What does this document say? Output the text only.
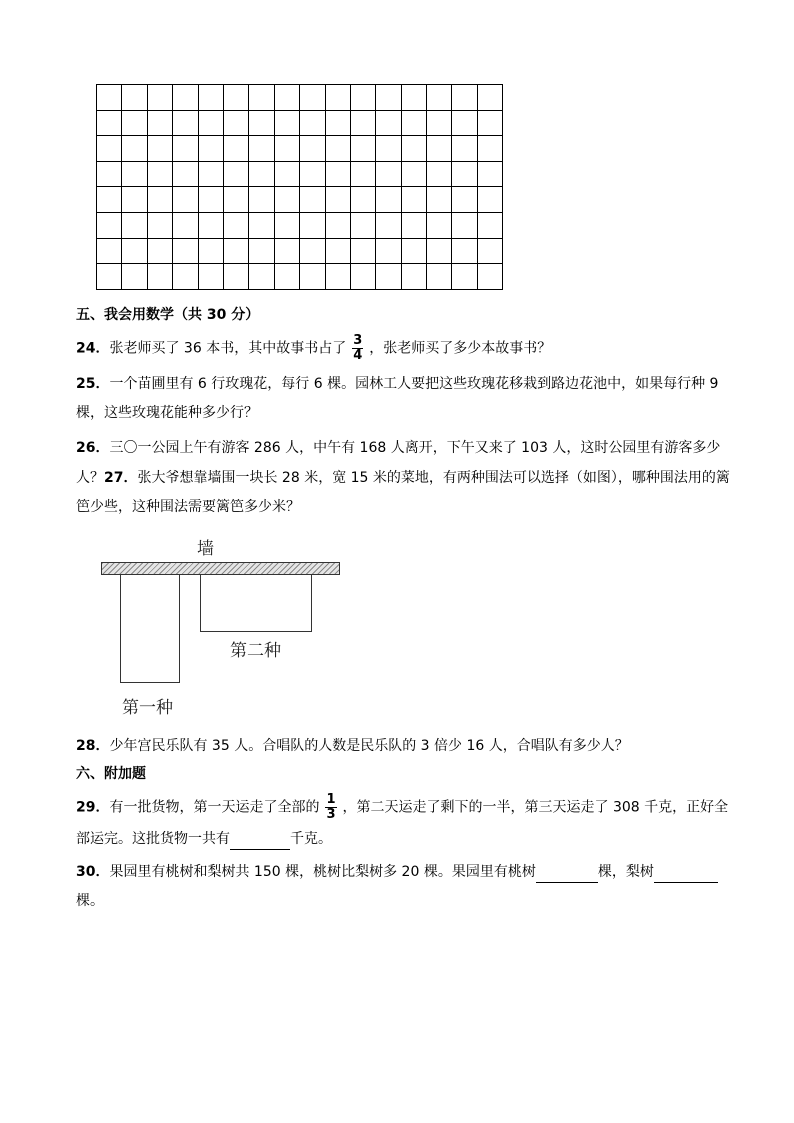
五、我会用数学（共 30 分）
24．张老师买了 36 本书，其中故事书占了 $\frac{3}{4}$ ，张老师买了多少本故事书？
25．一个苗圃里有 6 行玫瑰花，每行 6 棵。园林工人要把这些玫瑰花移栽到路边花池中，如果每行种 9
棵，这些玫瑰花能种多少行？
26．三〇一公园上午有游客 286 人，中午有 168 人离开，下午又来了 103 人，这时公园里有游客多少
人？27．张大爷想靠墙围一块长 28 米，宽 15 米的菜地，有两种围法可以选择（如图），哪种围法用的篱
笆少些，这种围法需要篱笆多少米？
墙
第二种
第一种
28．少年宫民乐队有 35 人。合唱队的人数是民乐队的 3 倍少 16 人，合唱队有多少人？
六、附加题
29．有一批货物，第一天运走了全部的 $\frac{1}{3}$ ，第二天运走了剩下的一半，第三天运走了 308 千克，正好全
部运完。这批货物一共有	千克。
30．果园里有桃树和梨树共 150 棵，桃树比梨树多 20 棵。果园里有桃树	棵，梨树
棵。
